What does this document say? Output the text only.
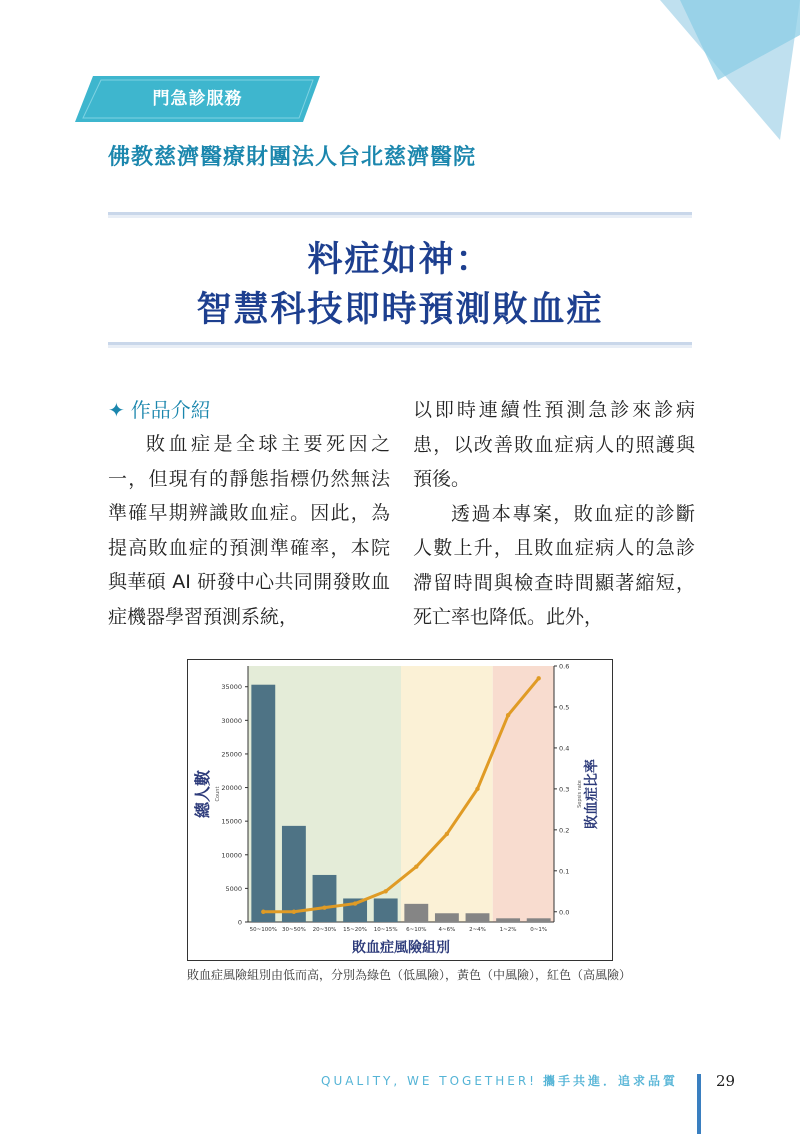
門急診服務
佛教慈濟醫療財團法人台北慈濟醫院
料症如神：
智慧科技即時預測敗血症
✦ 作品介紹

敗血症是全球主要死因之一，但現有的靜態指標仍然無法準確早期辨識敗血症。因此，為提高敗血症的預測準確率，本院與華碩 AI 研發中心共同開發敗血症機器學習預測系統，

以即時連續性預測急診來診病患，以改善敗血症病人的照護與預後。

透過本專案，敗血症的診斷人數上升，且敗血症病人的急診滯留時間與檢查時間顯著縮短，死亡率也降低。此外，

0
5000
10000
15000
20000
25000
30000
35000
0.0
0.1
0.2
0.3
0.4
0.5
0.6
50~100% 30~50% 20~30% 15~20% 10~15% 6~10% 4~6%	2~4%	1~2%	0~1%
總人數 Count	Sepsis rate 敗血症比率
敗血症風險組別
敗血症風險組別由低而高，分別為綠色（低風險），黃色（中風險），紅色（高風險）
QUALITY, WE TOGETHER! 攜手共進．追求品質	29
